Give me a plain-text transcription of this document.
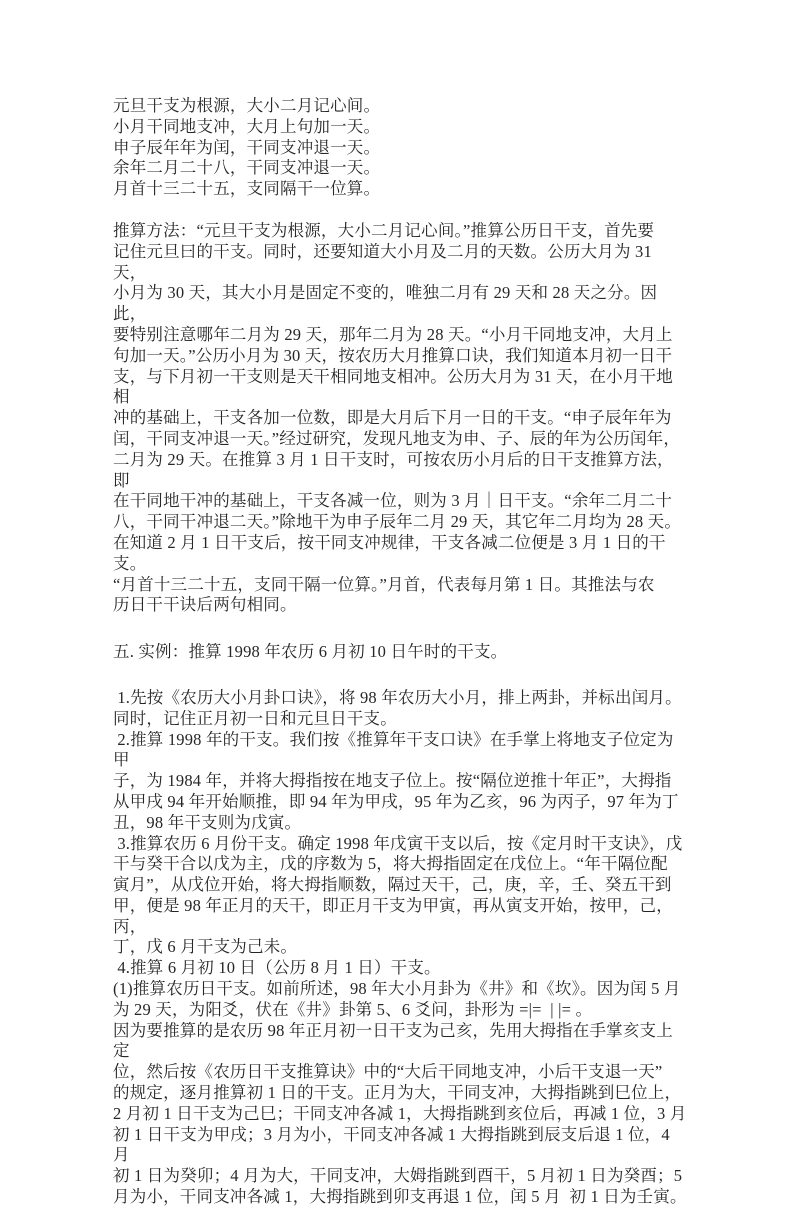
元旦干支为根源，大小二月记心间。
小月干同地支冲，大月上句加一天。
申子辰年年为闰，干同支冲退一天。
余年二月二十八，干同支冲退一天。
月首十三二十五，支同隔干一位算。
推算方法：“元旦干支为根源，大小二月记心间。”推算公历日干支，首先要
记住元旦曰的干支。同时，还要知道大小月及二月的天数。公历大月为 31 天，
小月为 30 天，其大小月是固定不变的，唯独二月有 29 天和 28 天之分。因此，
要特别注意哪年二月为 29 天，那年二月为 28 天。“小月干同地支冲，大月上
句加一天。”公历小月为 30 天，按农历大月推算口诀，我们知道本月初一日干
支，与下月初一干支则是天干相同地支相冲。公历大月为 31 天，在小月干地相
冲的基础上，干支各加一位数，即是大月后下月一日的干支。“申子辰年年为
闰，干同支冲退一天。”经过研究，发现凡地支为申、子、辰的年为公历闰年，
二月为 29 天。在推算 3 月 1 日干支时，可按农历小月后的日干支推算方法，即
在干同地干冲的基础上，干支各减一位，则为 3 月｜日干支。“余年二月二十
八，干同干冲退二天。”除地干为申子辰年二月 29 天，其它年二月均为 28 天。
在知道 2 月 1 日干支后，按干同支冲规律，干支各减二位便是 3 月 1 日的干支。
“月首十三二十五，支同干隔一位算。”月首，代表每月第 1 日。其推法与农
历日干干诀后两句相同。
五. 实例：推算 1998 年农历 6 月初 10 日午时的干支。
1.先按《农历大小月卦口诀》，将 98 年农历大小月，排上两卦，并标出闰月。
同时，记住正月初一日和元旦日干支。
2.推算 1998 年的干支。我们按《推算年干支口诀》在手掌上将地支子位定为甲
子，为 1984 年，并将大拇指按在地支子位上。按“隔位逆推十年正”，大拇指
从甲戌 94 年开始顺推，即 94 年为甲戌，95 年为乙亥，96 为丙子，97 年为丁
丑，98 年干支则为戊寅。
3.推算农历 6 月份干支。确定 1998 年戊寅干支以后，按《定月时干支诀》，戊
干与癸干合以戊为主，戊的序数为 5，将大拇指固定在戊位上。“年干隔位配
寅月”，从戊位开始，将大拇指顺数，隔过天干，己，庚，辛，壬、癸五干到
甲，便是 98 年正月的天干，即正月干支为甲寅，再从寅支开始，按甲，己，丙，
丁，戊 6 月干支为己未。
4.推算 6 月初 10 日（公历 8 月 1 日）干支。
(1)推算农历日干支。如前所述，98 年大小月卦为《井》和《坎》。因为闰 5 月
为 29 天，为阳爻，伏在《井》卦第 5、6 爻问，卦形为 =|=  | |= 。
因为要推算的是农历 98 年正月初一日干支为己亥，先用大拇指在手掌亥支上定
位，然后按《农历日干支推算诀》中的“大后干同地支冲，小后干支退一天”
的规定，逐月推算初 1 日的干支。正月为大，干同支冲，大拇指跳到巳位上，
2 月初 1 日干支为己巳；干同支冲各减 1，大拇指跳到亥位后，再减 1 位，3 月
初 1 日干支为甲戌；3 月为小，干同支冲各减 1 大拇指跳到辰支后退 1 位，4 月
初 1 日为癸卯；4 月为大，干同支冲，大姆指跳到酉干，5 月初 1 日为癸酉；5
月为小，干同支冲各减 1，大拇指跳到卯支再退 1 位，闰 5 月  初 1 日为壬寅。
